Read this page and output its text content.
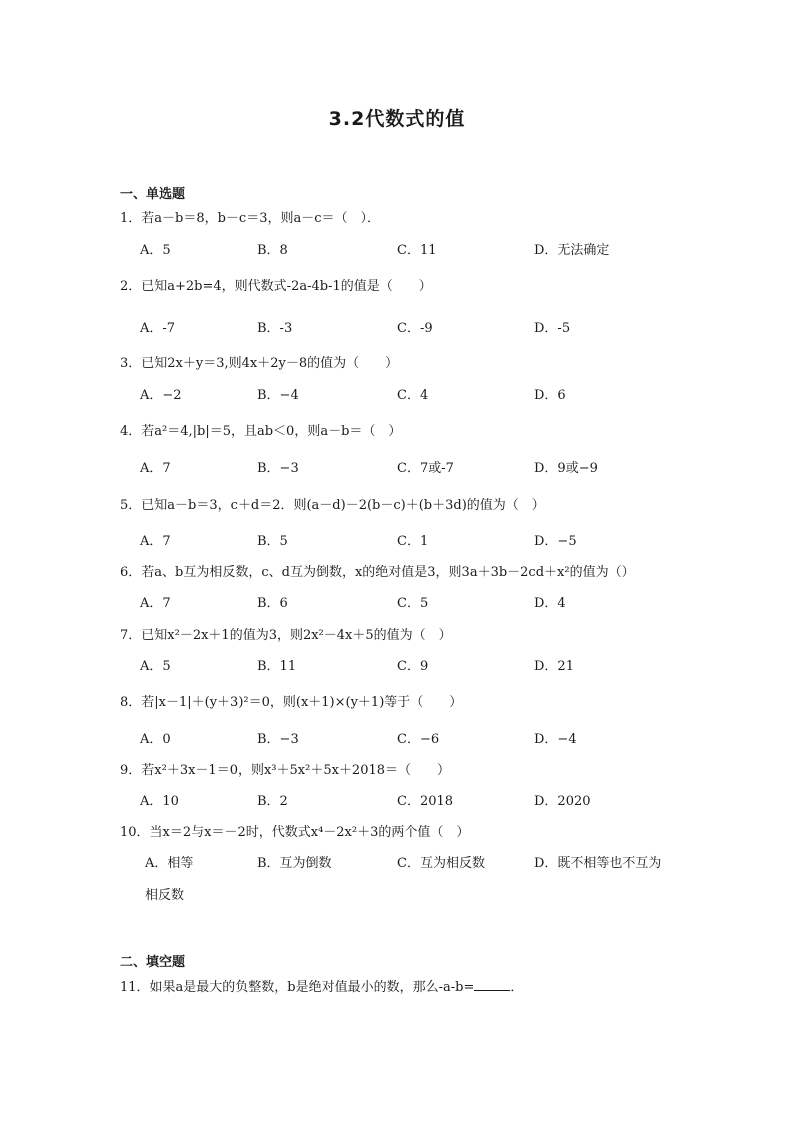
3.2代数式的值
一、单选题
1．若a－b＝8，b－c＝3，则a－c＝（　）．
A．5	B．8	C．11	D．无法确定
2．已知a+2b=4，则代数式-2a-4b-1的值是（　　）
A．-7	B．-3	C．-9	D．-5
3．已知2x＋y＝3,则4x＋2y－8的值为（　　）
A．−2	B．−4	C．4	D．6
4．若a²＝4,|b|＝5，且ab＜0，则a－b＝（　）
A．7	B．−3	C．7或-7	D．9或−9
5．已知a－b＝3，c＋d＝2．则(a－d)－2(b－c)＋(b＋3d)的值为（　）
A．7	B．5	C．1	D．−5
6．若a、b互为相反数，c、d互为倒数，x的绝对值是3，则3a＋3b－2cd＋x²的值为（）
A．7	B．6	C．5	D．4
7．已知x²－2x＋1的值为3，则2x²－4x＋5的值为（　）
A．5	B．11	C．9	D．21
8．若|x－1|＋(y＋3)²＝0，则(x＋1)×(y＋1)等于（　　）
A．0	B．−3	C．−6	D．−4
9．若x²＋3x－1＝0，则x³＋5x²＋5x＋2018＝（　　）
A．10	B．2	C．2018	D．2020
10．当x＝2与x＝－2时，代数式x⁴－2x²＋3的两个值（　）
A．相等	B．互为倒数	C．互为相反数	D．既不相等也不互为
相反数
二、填空题
11．如果a是最大的负整数，b是绝对值最小的数，那么-a-b=	．
